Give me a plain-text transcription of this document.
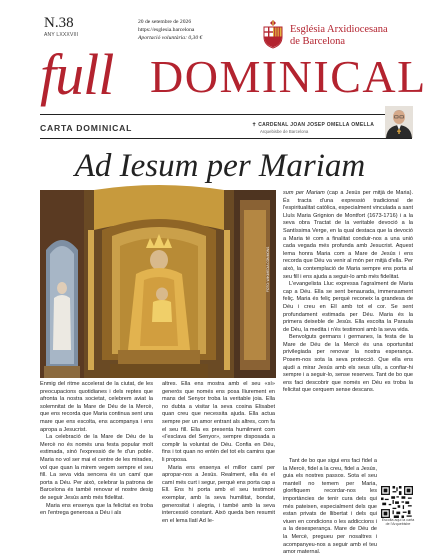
N.38
ANY LXXXVIII
20 de setembre de 2026
https://esglesia.barcelona
Aportació voluntària: 0,30 €
Església Arxidiocesana
de Barcelona
full DOMINICAL
CARTA DOMINICAL	✝ CARDENAL JOAN JOSEP OMELLA OMELLA
Arquebisbe de Barcelona
Ad Iesum per Mariam
FOTO: WIKIMEDIA COMMONS

Enmig del ritme accelerat de la ciutat, de les preocupacions quotidianes i dels reptes que afronta la nostra societat, celebrem aviat la solemnitat de la Mare de Déu de la Mercè, que ens recorda que Maria continua sent una mare que ens escolta, ens acompanya i ens apropa a Jesucrist.

La celebració de la Mare de Déu de la Mercè no és només una festa popular molt estimada, sinó l'expressió de fe d'un poble. Maria no vol ser mai el centre de les mirades, vol que quan la mirem vegem sempre el seu fill. La seva vida sencera és un camí que porta a Déu. Per això, celebrar la patrona de Barcelona és també renovar el nostre desig de seguir Jesús amb més fidelitat.

Maria ens ensenya que la felicitat es troba en l'entrega generosa a Déu i als

altres. Ella ens mostra amb el seu «sí» generós que només ens posa lliurement en mans del Senyor troba la veritable joia. Ella no dubta a visitar la seva cosina Elisabet quan creu que necessita ajuda. Ella actua sempre per un amor entrant als altres, com fa el seu fill. Ella es presenta humilment com «l'esclava del Senyor», sempre disposada a complir la voluntat de Déu. Confia en Déu, fins i tot quan no entén del tot els camins que li proposa.

Maria ens ensenya el millor camí per apropar-nos a Jesús. Realment, ella és el camí més curt i segur, perquè ens porta cap a Ell. Ens hi porta amb el seu testimoni exemplar, amb la seva humilitat, bondat, generositat i alegria, i també amb la seva intercessió constant. Això queda ben resumit en el lema llatí Ad Ie-

sum per Mariam (cap a Jesús per mitjà de Maria). És tracta d'una expressió tradicional de l'espiritualitat catòlica, especialment vinculada a sant Lluís Maria Grignion de Montfort (1673-1716) i a la seva obra Tractat de la veritable devoció a la Santíssima Verge, en la qual destaca que la devoció a Maria té com a finalitat conduir-nos a una unió cada vegada més profunda amb Jesucrist. Aquest lema honra Maria com a Mare de Jesús i ens recorda que Déu va venir al món per mitjà d'ella. Per això, la contemplació de Maria sempre ens porta al seu fill i ens ajuda a seguir-lo amb més fidelitat.

L'evangelista Lluc expressa l'agraïment de Maria cap a Déu. Ella se sent benaurada, immensament feliç. Maria és feliç perquè reconeix la grandesa de Déu i creu en Ell amb tot el cor. Se sent profundament estimada per Déu. Maria és la primera deixeble de Jesús. Ella escolta la Paraula de Déu, la medita i n'és testimoni amb la seva vida.

Benvolguts germans i germanes, la festa de la Mare de Déu de la Mercè és una oportunitat privilegiada per renovar la nostra esperança. Posem-nos sota la seva protecció. Que ella ens ajudi a mirar Jesús amb els seus ulls, a confiar-hi sempre i a seguir-lo, sense reserves. Tant de bo que ens faci descobrir que només en Déu es troba la felicitat que cerquem sense descans.

Tant de bo que sigui ens faci fidel a la Mercè, fidel a la creu, fidel a Jesús, guia els nostres passos. Sota el seu mantell no temem per Maria, glorifiquem recordar-nos les importàncies de tenir cura dels qui més pateixen, especialment dels que estan privats de llibertat i dels qui viuen en condicions o les addiccions i a la desesperança. Mare de Déu de la Mercè, pregueu per nosaltres i acompanyeu-nos a seguir amb el teu amor maternal.

Escolta aquí la carta de l'Arquebisbe
